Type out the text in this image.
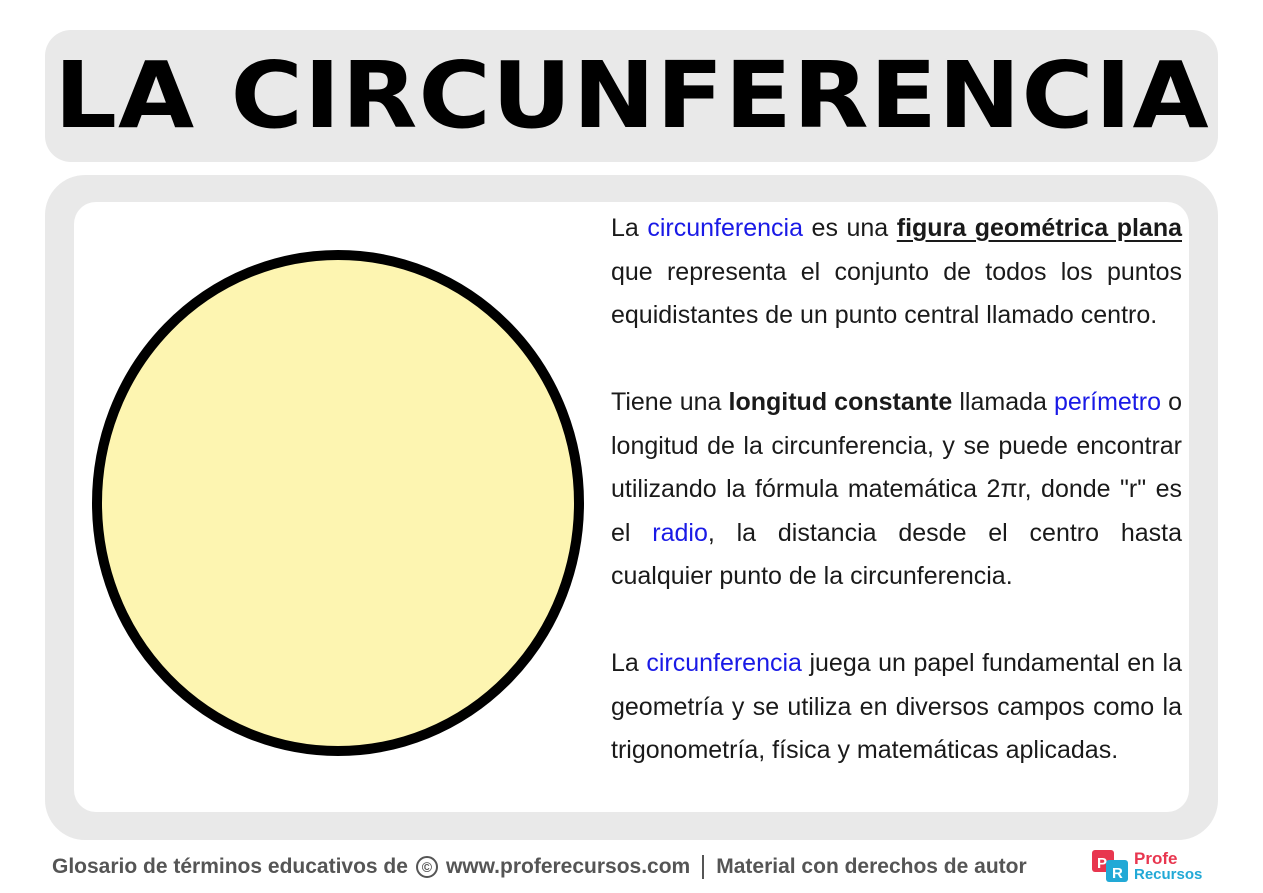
LA CIRCUNFERENCIA

La circunferencia es una figura geométrica plana que representa el conjunto de todos los puntos equidistantes de un punto central llamado centro.

Tiene una longitud constante llamada perímetro o longitud de la circunferencia, y se puede encontrar utilizando la fórmula matemática 2πr, donde "r" es el radio, la distancia desde el centro hasta cualquier punto de la circunferencia.

La circunferencia juega un papel fundamental en la geometría y se utiliza en diversos campos como la trigonometría, física y matemáticas aplicadas.

Glosario de términos educativos de © www.proferecursos.com Material con derechos de autor	P
R
Profe
Recursos
